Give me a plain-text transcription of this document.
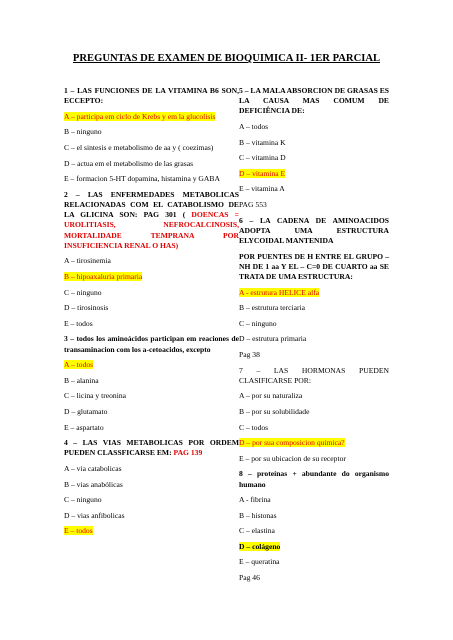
PREGUNTAS DE EXAMEN DE BIOQUIMICA II- 1ER PARCIAL

1 – LAS FUNCIONES DE LA VITAMINA B6 SON, ECCEPTO:

A – participa em ciclo de Krebs y em la glucolisis

B – ninguno

C – el sintesis e metabolismo de aa y ( coezimas)

D – actua em el metabolismo de las grasas

E – formacion 5-HT dopamina, histamina y GABA

2 – LAS ENFERMEDADES METABOLICAS RELACIONADAS COM EL CATABOLISMO DE LA GLICINA SON: PAG 301 ( DOENCAS = UROLITIASIS, NEFROCALCINOSIS, MORTALIDADE TEMPRANA POR INSUFICIENCIA RENAL O HAS)

A – tirosinemia

B – hipoaxaluria primaria

C – ninguno

D – tirosinosis

E – todos

3 – todos los aminoácidos participan em reaciones de transaminacion com los a-cetoacidos, excepto

A – todos

B – alanina

C – licina y treonina

D – glutamato

E – aspartato

4 – LAS VIAS METABOLICAS POR ORDEM PUEDEN CLASSFICARSE EM: PAG 139

A – via catabolicas

B – vias anabólicas

C – ninguno

D – vias anfibolicas

E – todos

5 – LA MALA ABSORCION DE GRASAS ES LA CAUSA MAS COMUM DE DEFICIÊNCIA DE:

A – todos

B – vitamina K

C – vitamina D

D – vitamina E

E – vitamina A

PAG 553

6 – LA CADENA DE AMINOACIDOS ADOPTA UMA ESTRUCTURA ELYCOIDAL MANTENIDA

POR PUENTES DE H ENTRE EL GRUPO –NH DE 1 aa Y EL – C=0 DE CUARTO aa SE TRATA DE UMA ESTRUCTURA:

A - estrutura HELICE alfa

B – estrutura terciaria

C – ninguno

D – estrutura primaria

Pag 38

7 – LAS HORMONAS PUEDEN CLASIFICARSE POR:

A – por su naturaliza

B – por su solubilidade

C – todos

D – por sua composicion quimica?

E – por su ubicacion de su receptor

8 – proteínas + abundante do organismo humano

A - fibrina

B – histonas

C – elastina

D – colágeno

E – queratina

Pag 46
